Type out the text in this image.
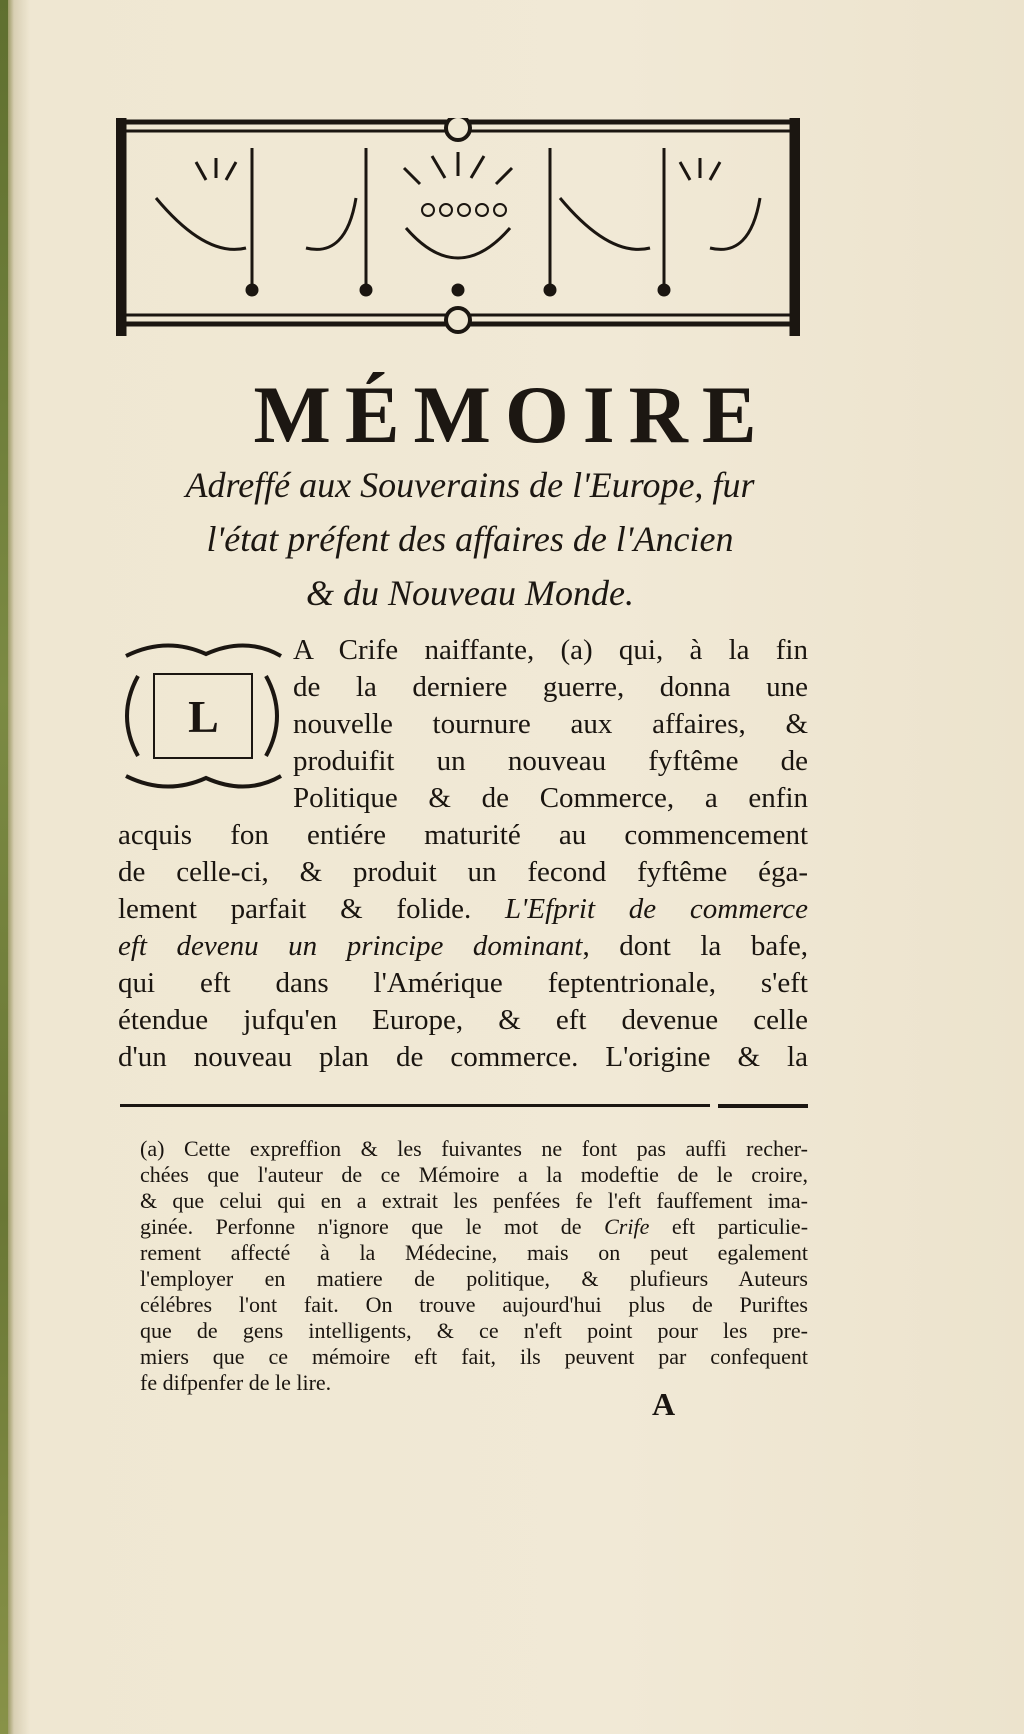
MÉMOIRE
Adreffé aux Souverains de l'Europe, fur
l'état préfent des affaires de l'Ancien
& du Nouveau Monde.
L
A Crife naiffante, (a) qui, à la fin
de la derniere guerre, donna une
nouvelle tournure aux affaires, &
produifit un nouveau fyftême de
Politique & de Commerce, a enfin
acquis fon entiére maturité au commencement
de celle-ci, & produit un fecond fyftême éga-
lement parfait & folide. L'Efprit de commerce
eft devenu un principe dominant, dont la bafe,
qui eft dans l'Amérique feptentrionale, s'eft
étendue jufqu'en Europe, & eft devenue celle
d'un nouveau plan de commerce. L'origine & la
(a) Cette expreffion & les fuivantes ne font pas auffi recher-
chées que l'auteur de ce Mémoire a la modeftie de le croire,
& que celui qui en a extrait les penfées fe l'eft fauffement ima-
ginée. Perfonne n'ignore que le mot de Crife eft particulie-
rement affecté à la Médecine, mais on peut egalement
l'employer en matiere de politique, & plufieurs Auteurs
célébres l'ont fait. On trouve aujourd'hui plus de Puriftes
que de gens intelligents, & ce n'eft point pour les pre-
miers que ce mémoire eft fait, ils peuvent par confequent
fe difpenfer de le lire.
A
